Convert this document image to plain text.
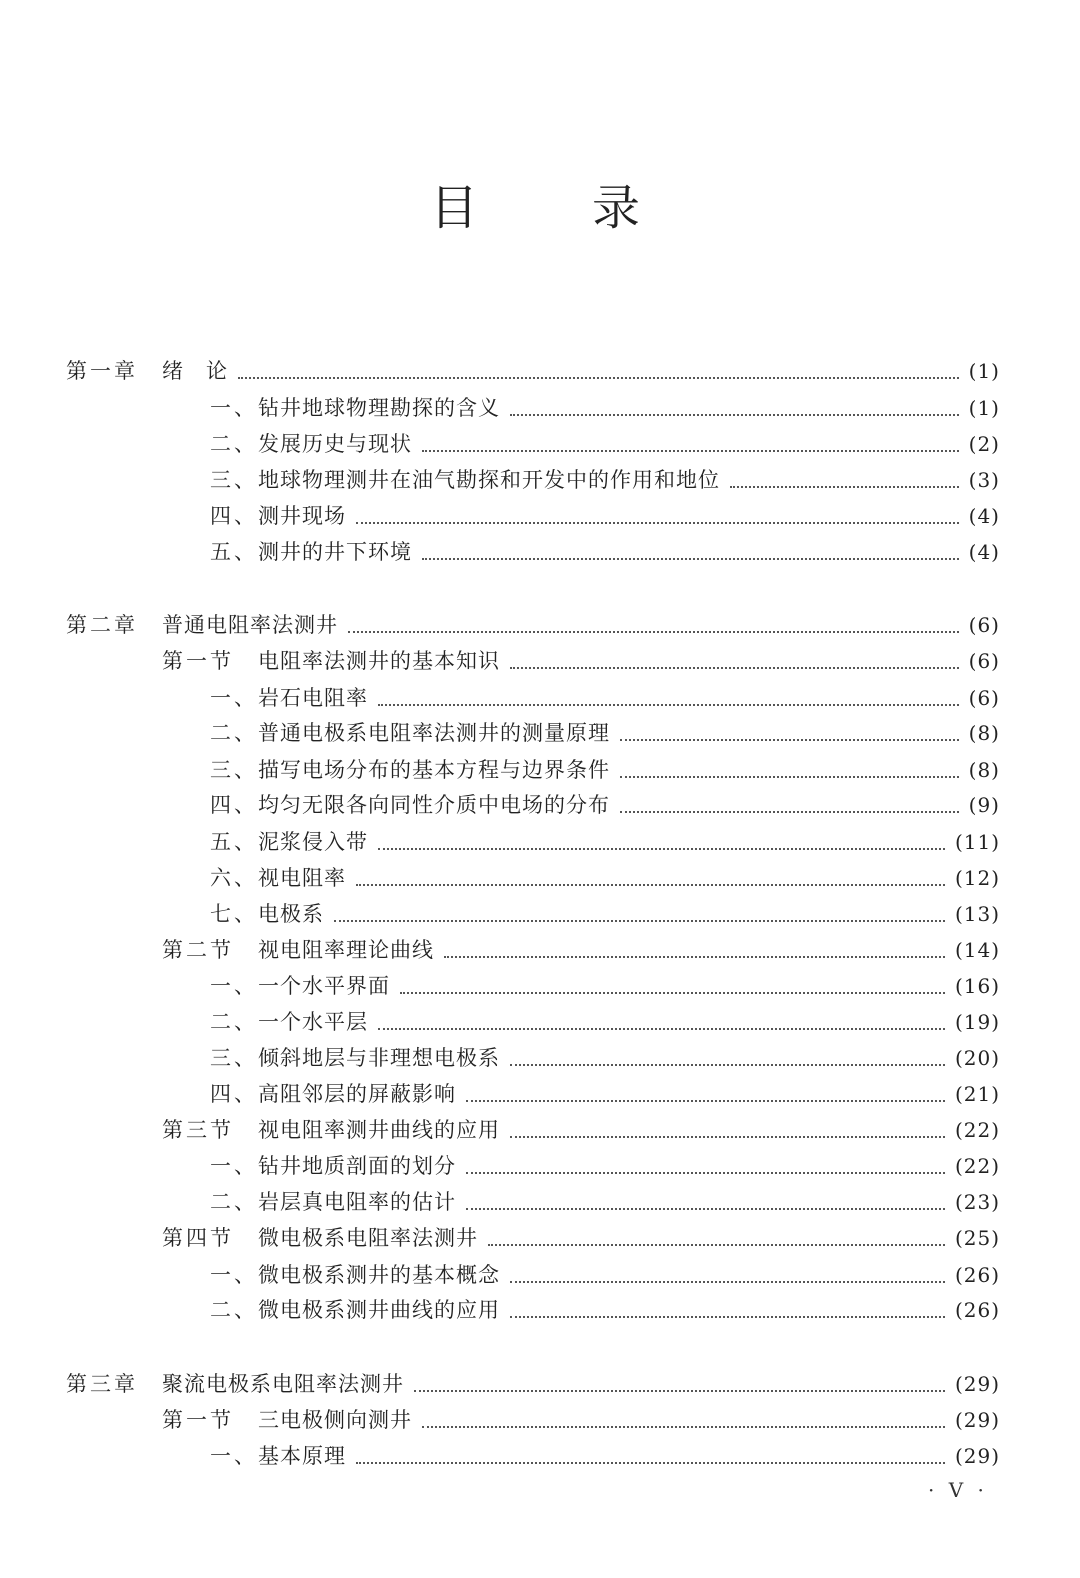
目 录
第一章 绪　论	(1)
一、钻井地球物理勘探的含义	(1)
二、发展历史与现状	(2)
三、地球物理测井在油气勘探和开发中的作用和地位	(3)
四、测井现场	(4)
五、测井的井下环境	(4)
第二章 普通电阻率法测井	(6)
第一节 电阻率法测井的基本知识	(6)
一、岩石电阻率	(6)
二、普通电极系电阻率法测井的测量原理	(8)
三、描写电场分布的基本方程与边界条件	(8)
四、均匀无限各向同性介质中电场的分布	(9)
五、泥浆侵入带	(11)
六、视电阻率	(12)
七、电极系	(13)
第二节 视电阻率理论曲线	(14)
一、一个水平界面	(16)
二、一个水平层	(19)
三、倾斜地层与非理想电极系	(20)
四、高阻邻层的屏蔽影响	(21)
第三节 视电阻率测井曲线的应用	(22)
一、钻井地质剖面的划分	(22)
二、岩层真电阻率的估计	(23)
第四节 微电极系电阻率法测井	(25)
一、微电极系测井的基本概念	(26)
二、微电极系测井曲线的应用	(26)
第三章 聚流电极系电阻率法测井	(29)
第一节 三电极侧向测井	(29)
一、基本原理	(29)
· V ·
